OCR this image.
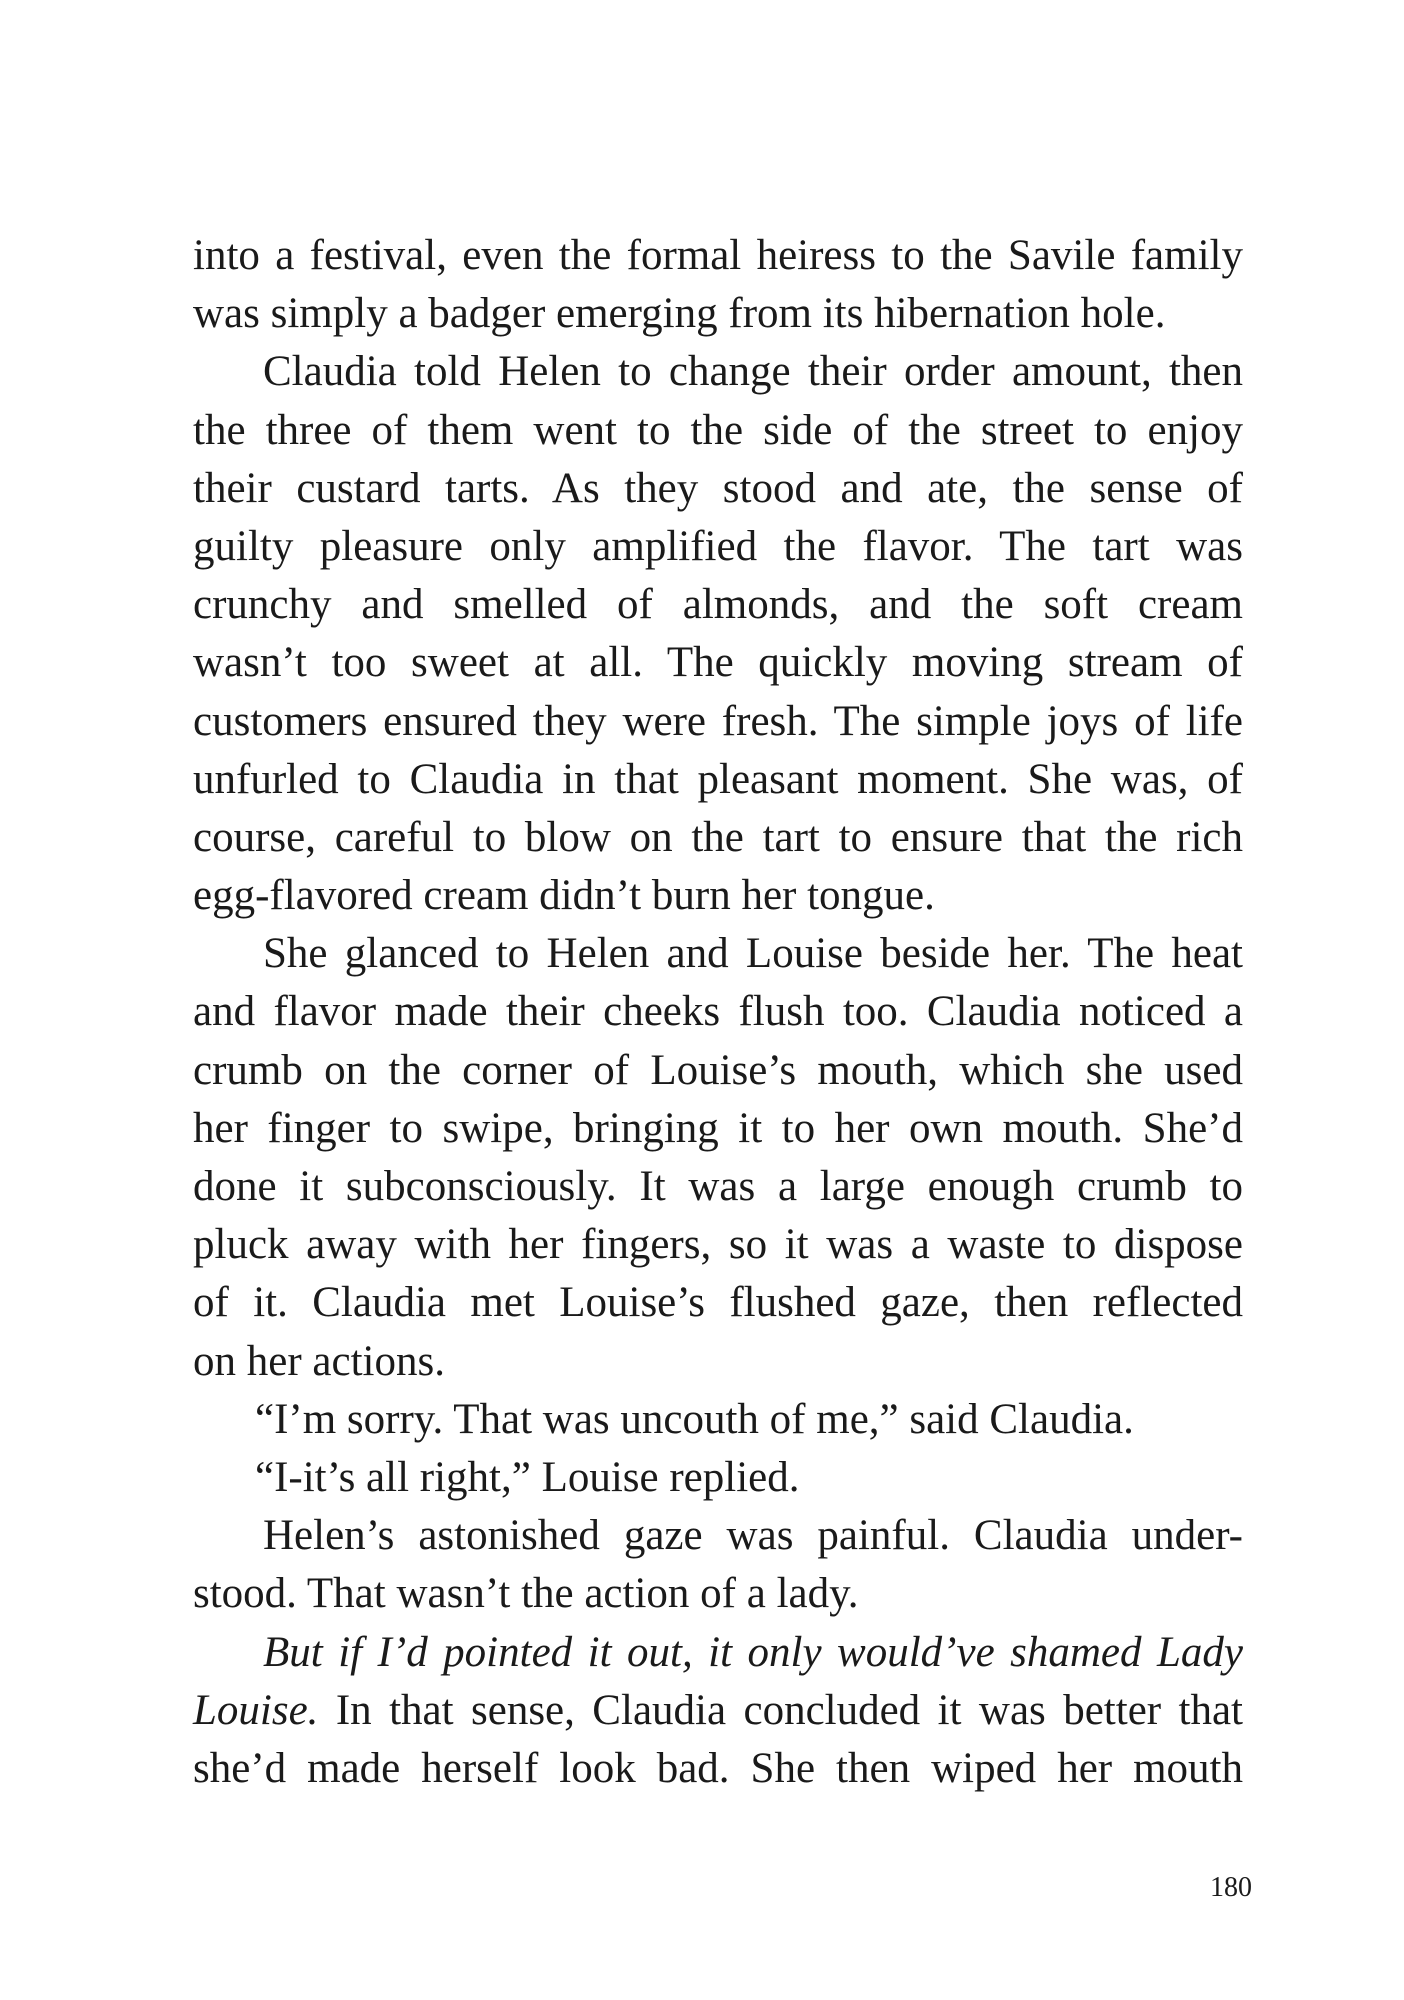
into a festival, even the formal heiress to the Savile family
was simply a badger emerging from its hibernation hole.
Claudia told Helen to change their order amount, then
the three of them went to the side of the street to enjoy
their custard tarts. As they stood and ate, the sense of
guilty pleasure only amplified the flavor. The tart was
crunchy and smelled of almonds, and the soft cream
wasn’t too sweet at all. The quickly moving stream of
customers ensured they were fresh. The simple joys of life
unfurled to Claudia in that pleasant moment. She was, of
course, careful to blow on the tart to ensure that the rich
egg-flavored cream didn’t burn her tongue.
She glanced to Helen and Louise beside her. The heat
and flavor made their cheeks flush too. Claudia noticed a
crumb on the corner of Louise’s mouth, which she used
her finger to swipe, bringing it to her own mouth. She’d
done it subconsciously. It was a large enough crumb to
pluck away with her fingers, so it was a waste to dispose
of it. Claudia met Louise’s flushed gaze, then reflected
on her actions.
“I’m sorry. That was uncouth of me,” said Claudia.
“I-it’s all right,” Louise replied.
Helen’s astonished gaze was painful. Claudia under-
stood. That wasn’t the action of a lady.
But if I’d pointed it out, it only would’ve shamed Lady
Louise. In that sense, Claudia concluded it was better that
she’d made herself look bad. She then wiped her mouth
180
